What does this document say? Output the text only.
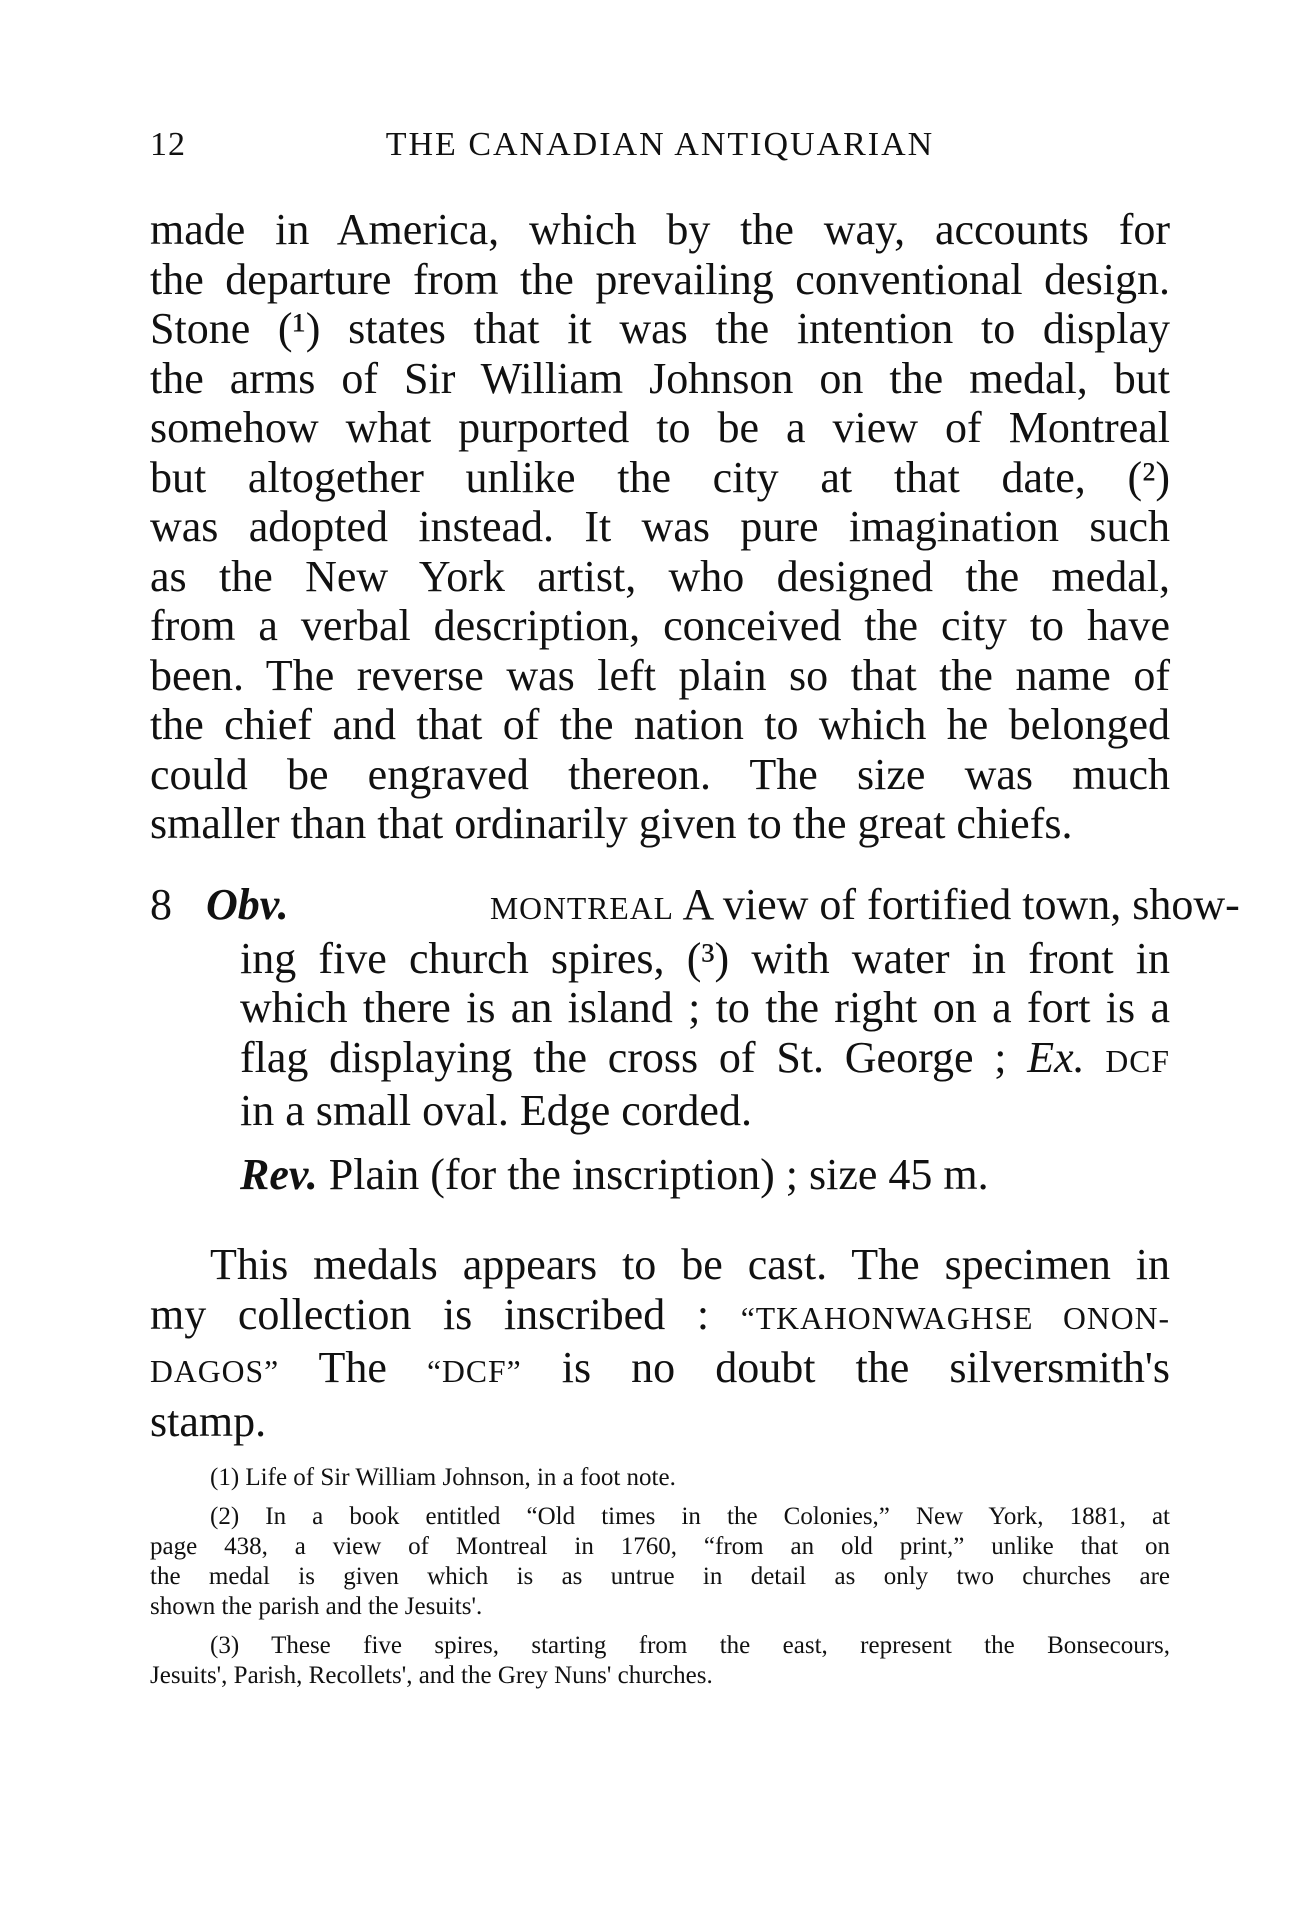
12	THE CANADIAN ANTIQUARIAN
made in America, which by the way, accounts for
the departure from the prevailing conventional design.
Stone (¹) states that it was the intention to display
the arms of Sir William Johnson on the medal, but
somehow what purported to be a view of Montreal
but altogether unlike the city at that date, (²)
was adopted instead. It was pure imagination such
as the New York artist, who designed the medal,
from a verbal description, conceived the city to have
been. The reverse was left plain so that the name of
the chief and that of the nation to which he belonged
could be engraved thereon. The size was much
smaller than that ordinarily given to the great chiefs.
8 Obv.	MONTREAL A view of fortified town, show-
ing five church spires, (³) with water in front in
which there is an island ; to the right on a fort is a
flag displaying the cross of St. George ; Ex. DCF
in a small oval. Edge corded.
Rev. Plain (for the inscription) ; size 45 m.
This medals appears to be cast. The specimen in
my collection is inscribed : “TKAHONWAGHSE ONON-
DAGOS” The “DCF” is no doubt the silversmith's
stamp.
(1) Life of Sir William Johnson, in a foot note.
(2) In a book entitled “Old times in the Colonies,” New York, 1881, at
page 438, a view of Montreal in 1760, “from an old print,” unlike that on
the medal is given which is as untrue in detail as only two churches are
shown the parish and the Jesuits'.
(3) These five spires, starting from the east, represent the Bonsecours,
Jesuits', Parish, Recollets', and the Grey Nuns' churches.
